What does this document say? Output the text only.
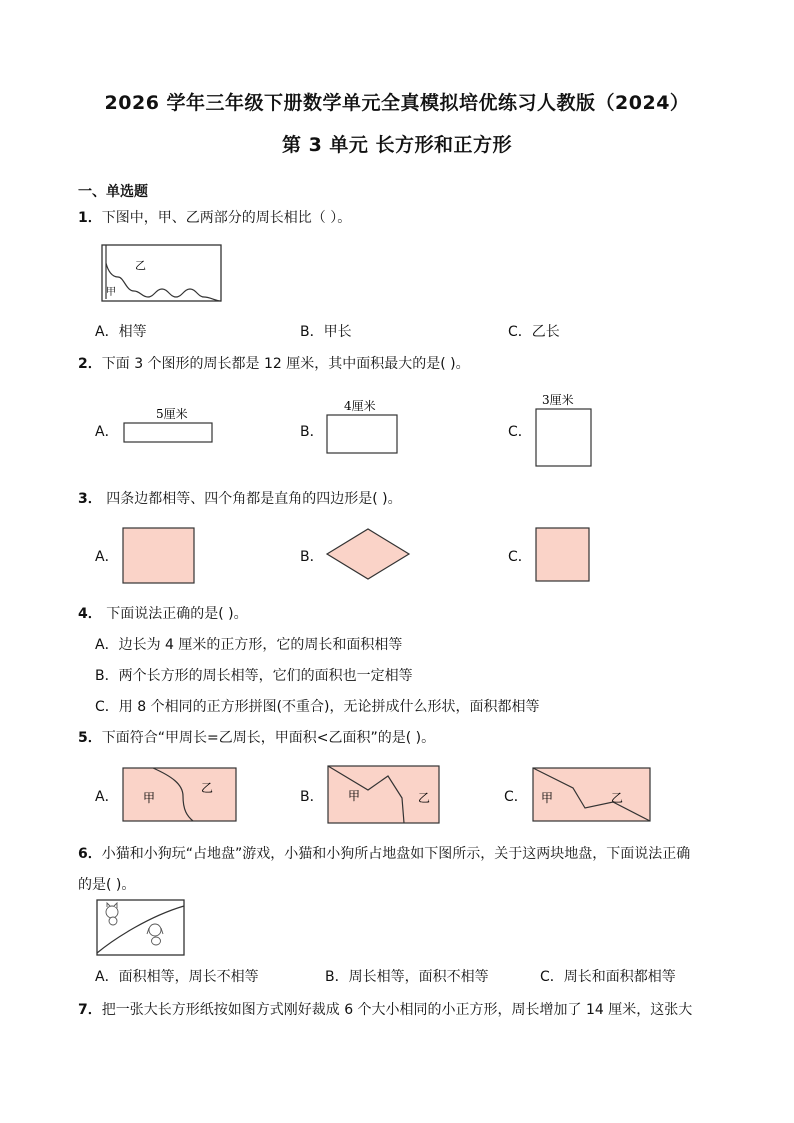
2026 学年三年级下册数学单元全真模拟培优练习人教版（2024）
第 3 单元 长方形和正方形
一、单选题
1．下图中，甲、乙两部分的周长相比（ ）。
乙
甲
A．相等	B．甲长	C．乙长
2．下面 3 个图形的周长都是 12 厘米，其中面积最大的是( )。
A．
5厘米
B．
4厘米
C．
3厘米
3． 四条边都相等、四个角都是直角的四边形是( )。
A．	B．	C．
4． 下面说法正确的是( )。
A．边长为 4 厘米的正方形，它的周长和面积相等
B．两个长方形的周长相等，它们的面积也一定相等
C．用 8 个相同的正方形拼图(不重合)，无论拼成什么形状，面积都相等
5．下面符合“甲周长=乙周长，甲面积<乙面积”的是( )。
A． 甲
乙
B． 甲	乙	C． 甲	乙
6．小猫和小狗玩“占地盘”游戏，小猫和小狗所占地盘如下图所示，关于这两块地盘，下面说法正确
的是( )。
A．面积相等，周长不相等	B．周长相等，面积不相等	C．周长和面积都相等
7．把一张大长方形纸按如图方式刚好裁成 6 个大小相同的小正方形，周长增加了 14 厘米，这张大
